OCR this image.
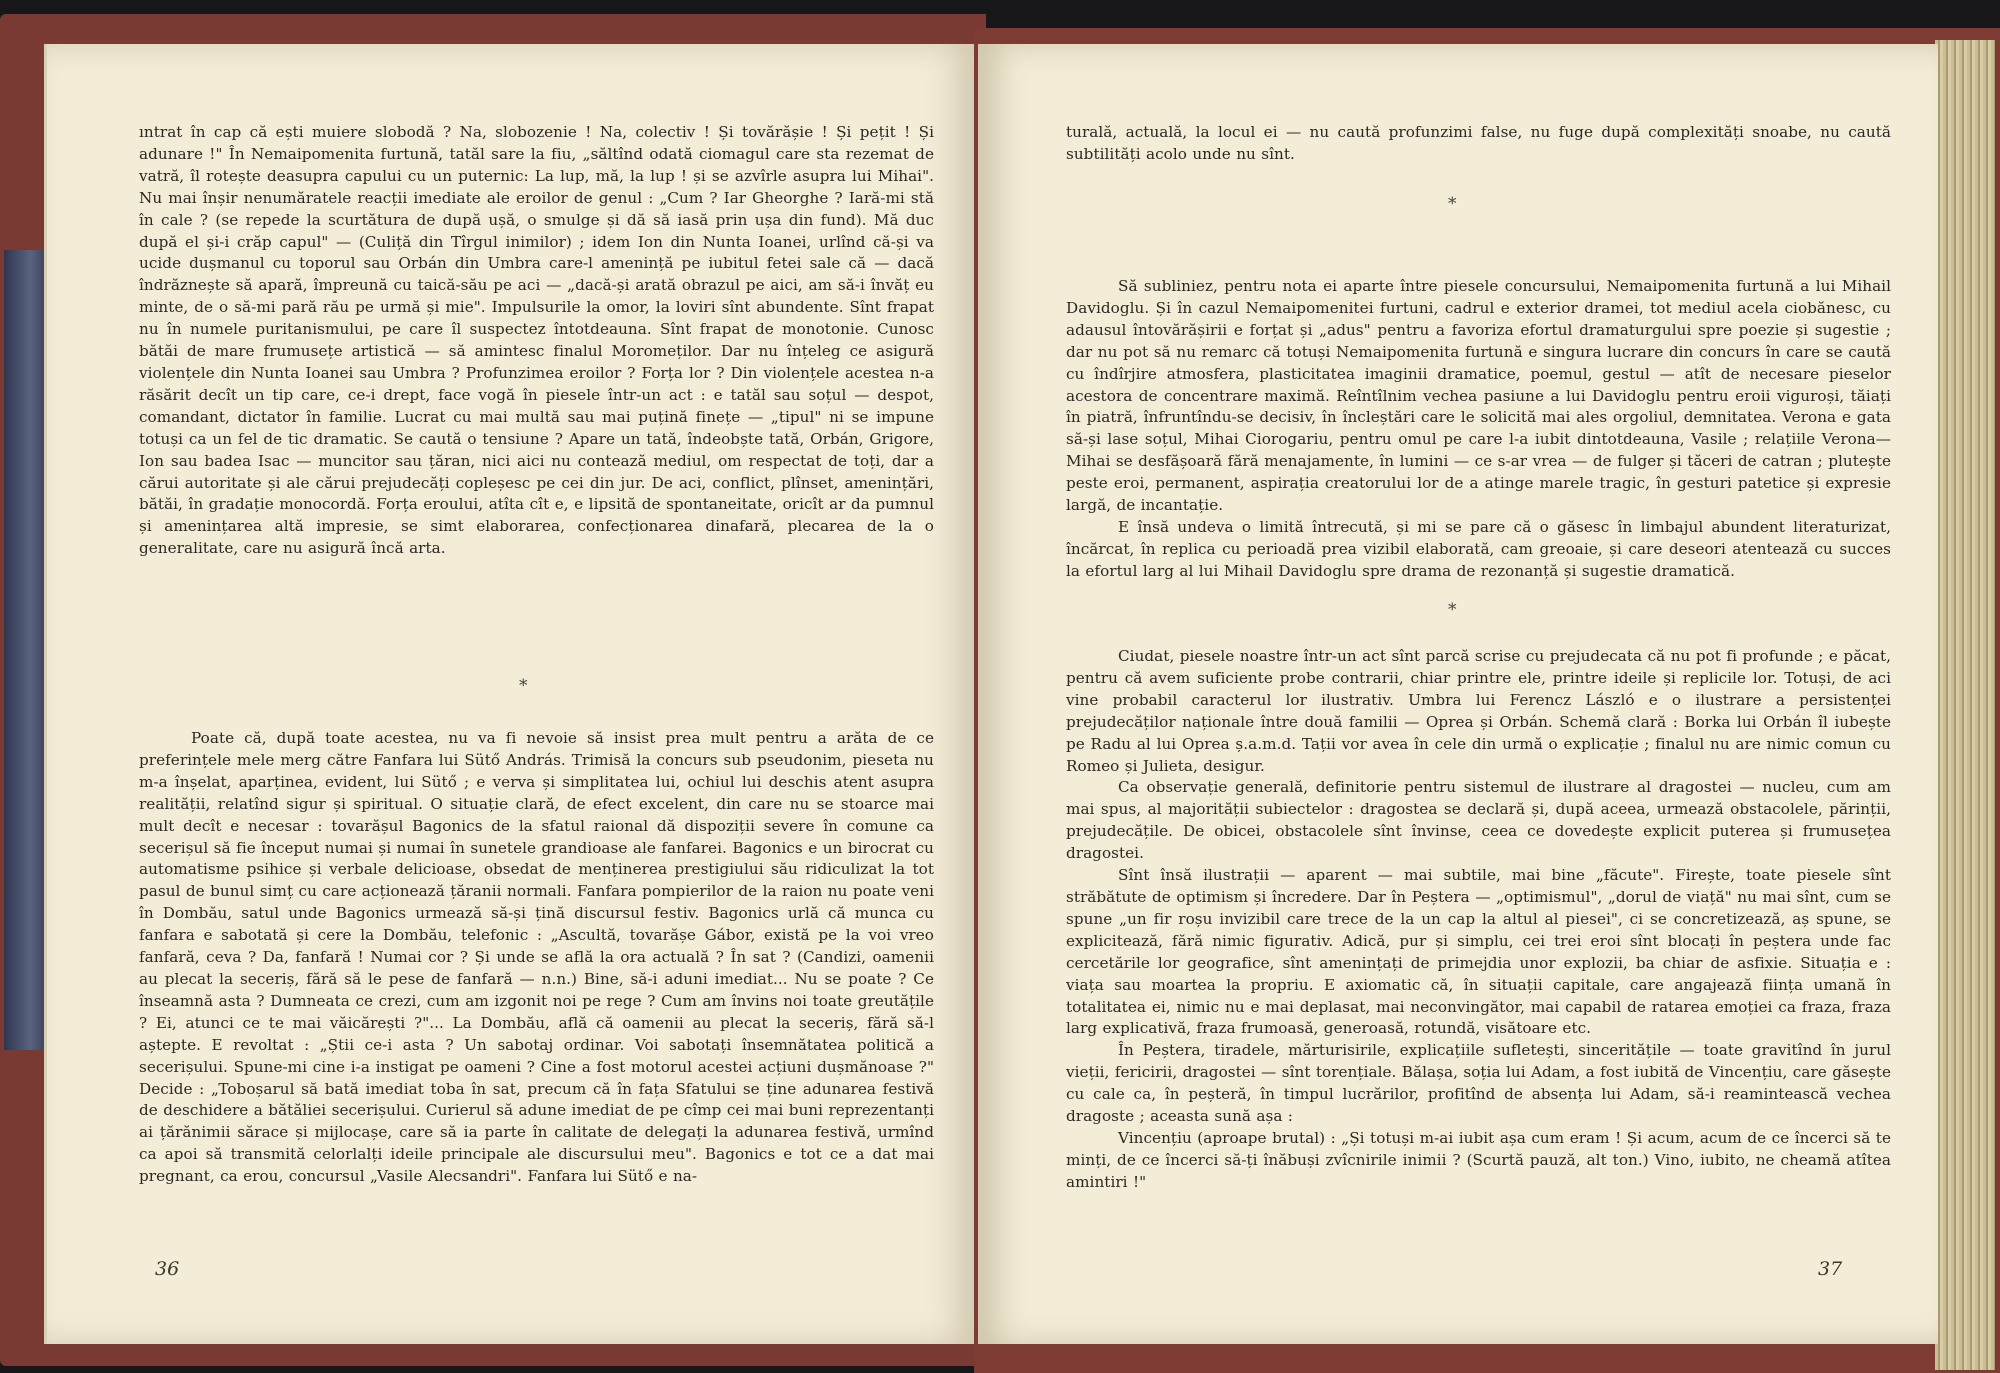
ıntrat în cap că ești muiere slobodă ? Na, slobozenie ! Na, colectiv ! Și tovărășie ! Și pețit ! Și adunare !" În Nemaipomenita furtună, tatăl sare la fiu, „săltînd odată ciomagul care sta rezemat de vatră, îl rotește deasupra capului cu un puternic: La lup, mă, la lup ! și se azvîrle asupra lui Mihai". Nu mai înșir nenumăratele reacții imediate ale eroilor de genul : „Cum ? Iar Gheorghe ? Iară-mi stă în cale ? (se repede la scurtătura de după ușă, o smulge și dă să iasă prin ușa din fund). Mă duc după el și-i crăp capul" — (Culiță din Tîrgul inimilor) ; idem Ion din Nunta Ioanei, urlînd că-și va ucide dușmanul cu toporul sau Orbán din Umbra care-l amenință pe iubitul fetei sale că — dacă îndrăznește să apară, împreună cu taică-său pe aci — „dacă-și arată obrazul pe aici, am să-i învăț eu minte, de o să-mi pară rău pe urmă și mie". Impulsurile la omor, la loviri sînt abundente. Sînt frapat nu în numele puritanismului, pe care îl suspectez întotdeauna. Sînt frapat de monotonie. Cunosc bătăi de mare frumusețe artistică — să amintesc finalul Moromeților. Dar nu înțeleg ce asigură violențele din Nunta Ioanei sau Umbra ? Profunzimea eroilor ? Forța lor ? Din violențele acestea n-a răsărit decît un tip care, ce-i drept, face vogă în piesele într-un act : e tatăl sau soțul — despot, comandant, dictator în familie. Lucrat cu mai multă sau mai puțină finețe — „tipul" ni se impune totuși ca un fel de tic dramatic. Se caută o tensiune ? Apare un tată, îndeobște tată, Orbán, Grigore, Ion sau badea Isac — muncitor sau țăran, nici aici nu contează mediul, om respectat de toți, dar a cărui autoritate și ale cărui prejudecăți copleșesc pe cei din jur. De aci, conflict, plînset, amenințări, bătăi, în gradație monocordă. Forța eroului, atîta cît e, e lipsită de spontaneitate, oricît ar da pumnul și amenințarea altă impresie, se simt elaborarea, confecționarea dinafară, plecarea de la o generalitate, care nu asigură încă arta.

*

Poate că, după toate acestea, nu va fi nevoie să insist prea mult pentru a arăta de ce preferințele mele merg către Fanfara lui Sütő András. Trimisă la concurs sub pseudonim, pieseta nu m-a înșelat, aparținea, evident, lui Sütő ; e verva și simplitatea lui, ochiul lui deschis atent asupra realității, relatînd sigur și spiritual. O situație clară, de efect excelent, din care nu se stoarce mai mult decît e necesar : tovarășul Bagonics de la sfatul raional dă dispoziții severe în comune ca secerișul să fie început numai și numai în sunetele grandioase ale fanfarei. Bagonics e un birocrat cu automatisme psihice și verbale delicioase, obsedat de menținerea prestigiului său ridiculizat la tot pasul de bunul simț cu care acționează țăranii normali. Fanfara pompierilor de la raion nu poate veni în Dombău, satul unde Bagonics urmează să-și țină discursul festiv. Bagonics urlă că munca cu fanfara e sabotată și cere la Dombău, telefonic : „Ascultă, tovarășe Gábor, există pe la voi vreo fanfară, ceva ? Da, fanfară ! Numai cor ? Și unde se află la ora actuală ? În sat ? (Candizi, oamenii au plecat la seceriș, fără să le pese de fanfară — n.n.) Bine, să-i aduni imediat... Nu se poate ? Ce înseamnă asta ? Dumneata ce crezi, cum am izgonit noi pe rege ? Cum am învins noi toate greutățile ? Ei, atunci ce te mai văicărești ?"... La Dombău, află că oamenii au plecat la seceriș, fără să-l aștepte. E revoltat : „Știi ce-i asta ? Un sabotaj ordinar. Voi sabotați însemnătatea politică a secerișului. Spune-mi cine i-a instigat pe oameni ? Cine a fost motorul acestei acțiuni dușmănoase ?" Decide : „Toboșarul să bată imediat toba în sat, precum că în fața Sfatului se ține adunarea festivă de deschidere a bătăliei secerișului. Curierul să adune imediat de pe cîmp cei mai buni reprezentanți ai țărănimii sărace și mijlocașe, care să ia parte în calitate de delegați la adunarea festivă, urmînd ca apoi să transmită celorlalți ideile principale ale discursului meu". Bagonics e tot ce a dat mai pregnant, ca erou, concursul „Vasile Alecsandri". Fanfara lui Sütő e na-

36

turală, actuală, la locul ei — nu caută profunzimi false, nu fuge după complexități snoabe, nu caută subtilități acolo unde nu sînt.

*

Să subliniez, pentru nota ei aparte între piesele concursului, Nemaipomenita furtună a lui Mihail Davidoglu. Și în cazul Nemaipomenitei furtuni, cadrul e exterior dramei, tot mediul acela ciobănesc, cu adausul întovărășirii e forțat și „adus" pentru a favoriza efortul dramaturgului spre poezie și sugestie ; dar nu pot să nu remarc că totuși Nemaipomenita furtună e singura lucrare din concurs în care se caută cu îndîrjire atmosfera, plasticitatea imaginii dramatice, poemul, gestul — atît de necesare pieselor acestora de concentrare maximă. Reîntîlnim vechea pasiune a lui Davidoglu pentru eroii viguroși, tăiați în piatră, înfruntîndu-se decisiv, în încleștări care le solicită mai ales orgoliul, demnitatea. Verona e gata să-și lase soțul, Mihai Ciorogariu, pentru omul pe care l-a iubit dintotdeauna, Vasile ; relațiile Verona—Mihai se desfășoară fără menajamente, în lumini — ce s-ar vrea — de fulger și tăceri de catran ; plutește peste eroi, permanent, aspirația creatorului lor de a atinge marele tragic, în gesturi patetice și expresie largă, de incantație.

E însă undeva o limită întrecută, și mi se pare că o găsesc în limbajul abundent literaturizat, încărcat, în replica cu perioadă prea vizibil elaborată, cam greoaie, și care deseori atentează cu succes la efortul larg al lui Mihail Davidoglu spre drama de rezonanță și sugestie dramatică.

*

Ciudat, piesele noastre într-un act sînt parcă scrise cu prejudecata că nu pot fi profunde ; e păcat, pentru că avem suficiente probe contrarii, chiar printre ele, printre ideile și replicile lor. Totuși, de aci vine probabil caracterul lor ilustrativ. Umbra lui Ferencz László e o ilustrare a persistenței prejudecăților naționale între două familii — Oprea și Orbán. Schemă clară : Borka lui Orbán îl iubește pe Radu al lui Oprea ș.a.m.d. Tații vor avea în cele din urmă o explicație ; finalul nu are nimic comun cu Romeo și Julieta, desigur.

Ca observație generală, definitorie pentru sistemul de ilustrare al dragostei — nucleu, cum am mai spus, al majorității subiectelor : dragostea se declară și, după aceea, urmează obstacolele, părinții, prejudecățile. De obicei, obstacolele sînt învinse, ceea ce dovedește explicit puterea și frumusețea dragostei.

Sînt însă ilustrații — aparent — mai subtile, mai bine „făcute". Firește, toate piesele sînt străbătute de optimism și încredere. Dar în Peștera — „optimismul", „dorul de viață" nu mai sînt, cum se spune „un fir roșu invizibil care trece de la un cap la altul al piesei", ci se concretizează, aș spune, se explicitează, fără nimic figurativ. Adică, pur și simplu, cei trei eroi sînt blocați în peștera unde fac cercetările lor geografice, sînt amenințați de primejdia unor explozii, ba chiar de asfixie. Situația e : viața sau moartea la propriu. E axiomatic că, în situații capitale, care angajează ființa umană în totalitatea ei, nimic nu e mai deplasat, mai neconvingător, mai capabil de ratarea emoției ca fraza, fraza larg explicativă, fraza frumoasă, generoasă, rotundă, visătoare etc.

În Peștera, tiradele, mărturisirile, explicațiile sufletești, sinceritățile — toate gravitînd în jurul vieții, fericirii, dragostei — sînt torențiale. Bălașa, soția lui Adam, a fost iubită de Vincențiu, care găsește cu cale ca, în peșteră, în timpul lucrărilor, profitînd de absența lui Adam, să-i reamintească vechea dragoste ; aceasta sună așa :

Vincențiu (aproape brutal) : „Și totuși m-ai iubit așa cum eram ! Și acum, acum de ce încerci să te minți, de ce încerci să-ți înăbuși zvîcnirile inimii ? (Scurtă pauză, alt ton.) Vino, iubito, ne cheamă atîtea amintiri !"

37
